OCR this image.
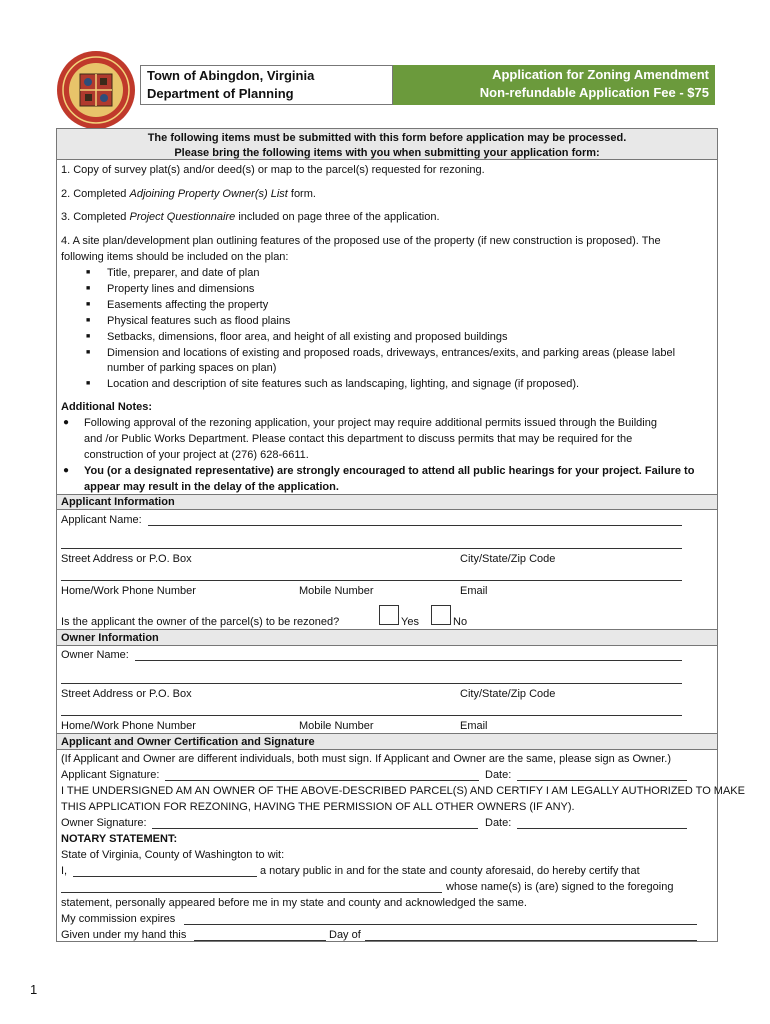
Town of Abingdon, Virginia
Department of Planning
Application for Zoning Amendment
Non-refundable Application Fee - $75
The following items must be submitted with this form before application may be processed.
Please bring the following items with you when submitting your application form:
1. Copy of survey plat(s) and/or deed(s) or map to the parcel(s) requested for rezoning.
2. Completed Adjoining Property Owner(s) List form.
3. Completed Project Questionnaire included on page three of the application.
4. A site plan/development plan outlining features of the proposed use of the property (if new construction is proposed). The
following items should be included on the plan:
■ Title, preparer, and date of plan
■ Property lines and dimensions
■ Easements affecting the property
■ Physical features such as flood plains
■ Setbacks, dimensions, floor area, and height of all existing and proposed buildings
■ Dimension and locations of existing and proposed roads, driveways, entrances/exits, and parking areas (please label
number of parking spaces on plan)
■ Location and description of site features such as landscaping, lighting, and signage (if proposed).
Additional Notes:
● Following approval of the rezoning application, your project may require additional permits issued through the Building
and /or Public Works Department. Please contact this department to discuss permits that may be required for the
construction of your project at (276) 628-6611.
● You (or a designated representative) are strongly encouraged to attend all public hearings for your project. Failure to
appear may result in the delay of the application.
Applicant Information
Applicant Name:
Street Address or P.O. Box	City/State/Zip Code
Home/Work Phone Number	Mobile Number	Email
Is the applicant the owner of the parcel(s) to be rezoned?	Yes	No
Owner Information
Owner Name:
Street Address or P.O. Box	City/State/Zip Code
Home/Work Phone Number	Mobile Number	Email
Applicant and Owner Certification and Signature
(If Applicant and Owner are different individuals, both must sign. If Applicant and Owner are the same, please sign as Owner.)
Applicant Signature:	Date:
I THE UNDERSIGNED AM AN OWNER OF THE ABOVE-DESCRIBED PARCEL(S) AND CERTIFY I AM LEGALLY AUTHORIZED TO MAKE
THIS APPLICATION FOR REZONING, HAVING THE PERMISSION OF ALL OTHER OWNERS (IF ANY).
Owner Signature:	Date:
NOTARY STATEMENT:
State of Virginia, County of Washington to wit:
I,	a notary public in and for the state and county aforesaid, do hereby certify that
whose name(s) is (are) signed to the foregoing
statement, personally appeared before me in my state and county and acknowledged the same.
My commission expires
Given under my hand this	Day of
1
